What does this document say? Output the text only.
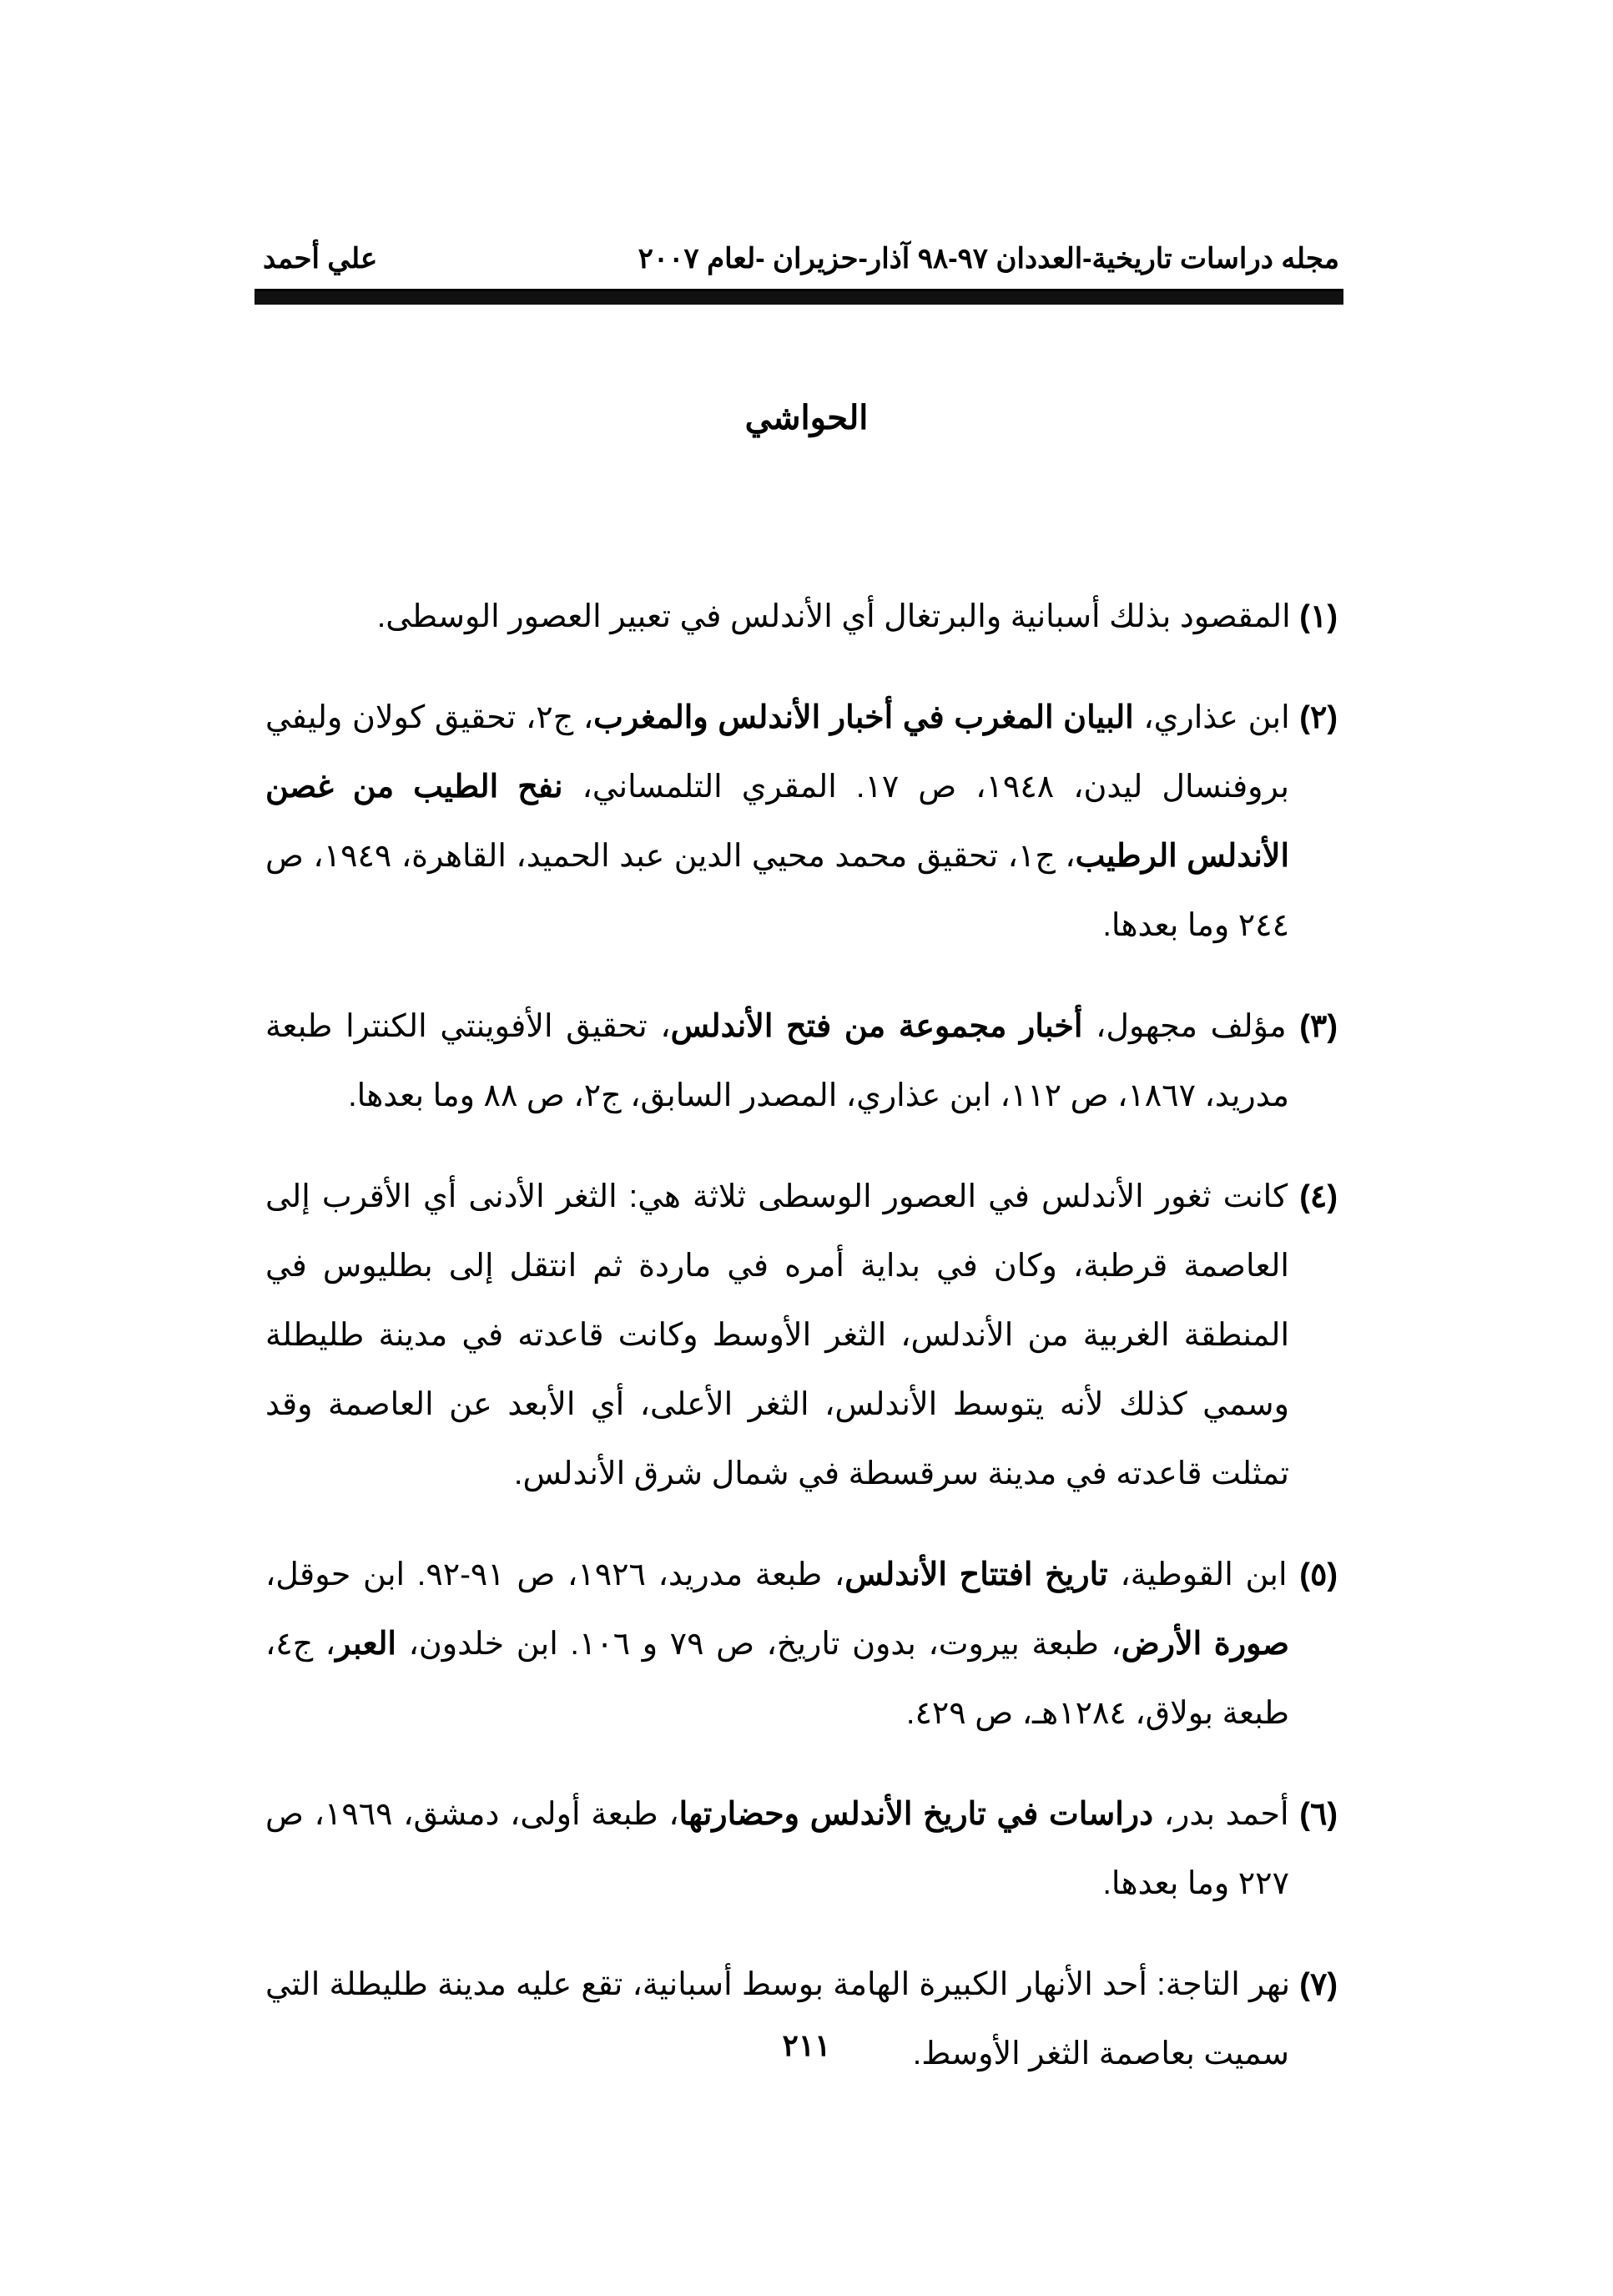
مجله دراسات تاريخية-العددان ٩٧-٩٨ آذار-حزيران -لعام ٢٠٠٧
علي أحمد
الحواشي

(١) المقصود بذلك أسبانية والبرتغال أي الأندلس في تعبير العصور الوسطى.

(٢) ابن عذاري، البيان المغرب في أخبار الأندلس والمغرب، ج٢، تحقيق كولان وليفي بروفنسال ليدن، ١٩٤٨، ص ١٧. المقري التلمساني، نفح الطيب من غصن الأندلس الرطيب، ج١، تحقيق محمد محيي الدين عبد الحميد، القاهرة، ١٩٤٩، ص ٢٤٤ وما بعدها.

(٣) مؤلف مجهول، أخبار مجموعة من فتح الأندلس، تحقيق الأفوينتي الكنترا طبعة مدريد، ١٨٦٧، ص ١١٢، ابن عذاري، المصدر السابق، ج٢، ص ٨٨ وما بعدها.

(٤) كانت ثغور الأندلس في العصور الوسطى ثلاثة هي: الثغر الأدنى أي الأقرب إلى العاصمة قرطبة، وكان في بداية أمره في ماردة ثم انتقل إلى بطليوس في المنطقة الغربية من الأندلس، الثغر الأوسط وكانت قاعدته في مدينة طليطلة وسمي كذلك لأنه يتوسط الأندلس، الثغر الأعلى، أي الأبعد عن العاصمة وقد تمثلت قاعدته في مدينة سرقسطة في شمال شرق الأندلس.

(٥) ابن القوطية، تاريخ افتتاح الأندلس، طبعة مدريد، ١٩٢٦، ص ٩١-٩٢. ابن حوقل، صورة الأرض، طبعة بيروت، بدون تاريخ، ص ٧٩ و ١٠٦. ابن خلدون، العبر، ج٤، طبعة بولاق، ١٢٨٤هـ، ص ٤٢٩.

(٦) أحمد بدر، دراسات في تاريخ الأندلس وحضارتها، طبعة أولى، دمشق، ١٩٦٩، ص ٢٢٧ وما بعدها.

(٧) نهر التاجة: أحد الأنهار الكبيرة الهامة بوسط أسبانية، تقع عليه مدينة طليطلة التي سميت بعاصمة الثغر الأوسط.

٢١١
